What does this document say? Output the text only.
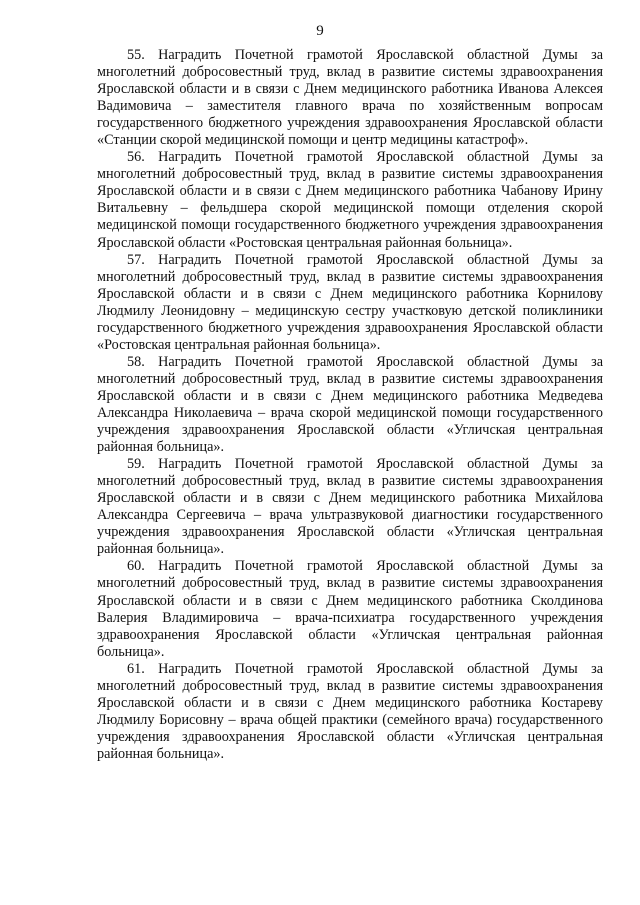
9

55. Наградить Почетной грамотой Ярославской областной Думы за многолетний добросовестный труд, вклад в развитие системы здравоохранения Ярославской области и в связи с Днем медицинского работника Иванова Алексея Вадимовича – заместителя главного врача по хозяйственным вопросам государственного бюджетного учреждения здравоохранения Ярославской области «Станции скорой медицинской помощи и центр медицины катастроф».

56. Наградить Почетной грамотой Ярославской областной Думы за многолетний добросовестный труд, вклад в развитие системы здравоохранения Ярославской области и в связи с Днем медицинского работника Чабанову Ирину Витальевну – фельдшера скорой медицинской помощи отделения скорой медицинской помощи государственного бюджетного учреждения здравоохранения Ярославской области «Ростовская центральная районная больница».

57. Наградить Почетной грамотой Ярославской областной Думы за многолетний добросовестный труд, вклад в развитие системы здравоохранения Ярославской области и в связи с Днем медицинского работника Корнилову Людмилу Леонидовну – медицинскую сестру участковую детской поликлиники государственного бюджетного учреждения здравоохранения Ярославской области «Ростовская центральная районная больница».

58. Наградить Почетной грамотой Ярославской областной Думы за многолетний добросовестный труд, вклад в развитие системы здравоохранения Ярославской области и в связи с Днем медицинского работника Медведева Александра Николаевича – врача скорой медицинской помощи государственного учреждения здравоохранения Ярославской области «Угличская центральная районная больница».

59. Наградить Почетной грамотой Ярославской областной Думы за многолетний добросовестный труд, вклад в развитие системы здравоохранения Ярославской области и в связи с Днем медицинского работника Михайлова Александра Сергеевича – врача ультразвуковой диагностики государственного учреждения здравоохранения Ярославской области «Угличская центральная районная больница».

60. Наградить Почетной грамотой Ярославской областной Думы за многолетний добросовестный труд, вклад в развитие системы здравоохранения Ярославской области и в связи с Днем медицинского работника Сколдинова Валерия Владимировича – врача-психиатра государственного учреждения здравоохранения Ярославской области «Угличская центральная районная больница».

61. Наградить Почетной грамотой Ярославской областной Думы за многолетний добросовестный труд, вклад в развитие системы здравоохранения Ярославской области и в связи с Днем медицинского работника Костареву Людмилу Борисовну – врача общей практики (семейного врача) государственного учреждения здравоохранения Ярославской области «Угличская центральная районная больница».
